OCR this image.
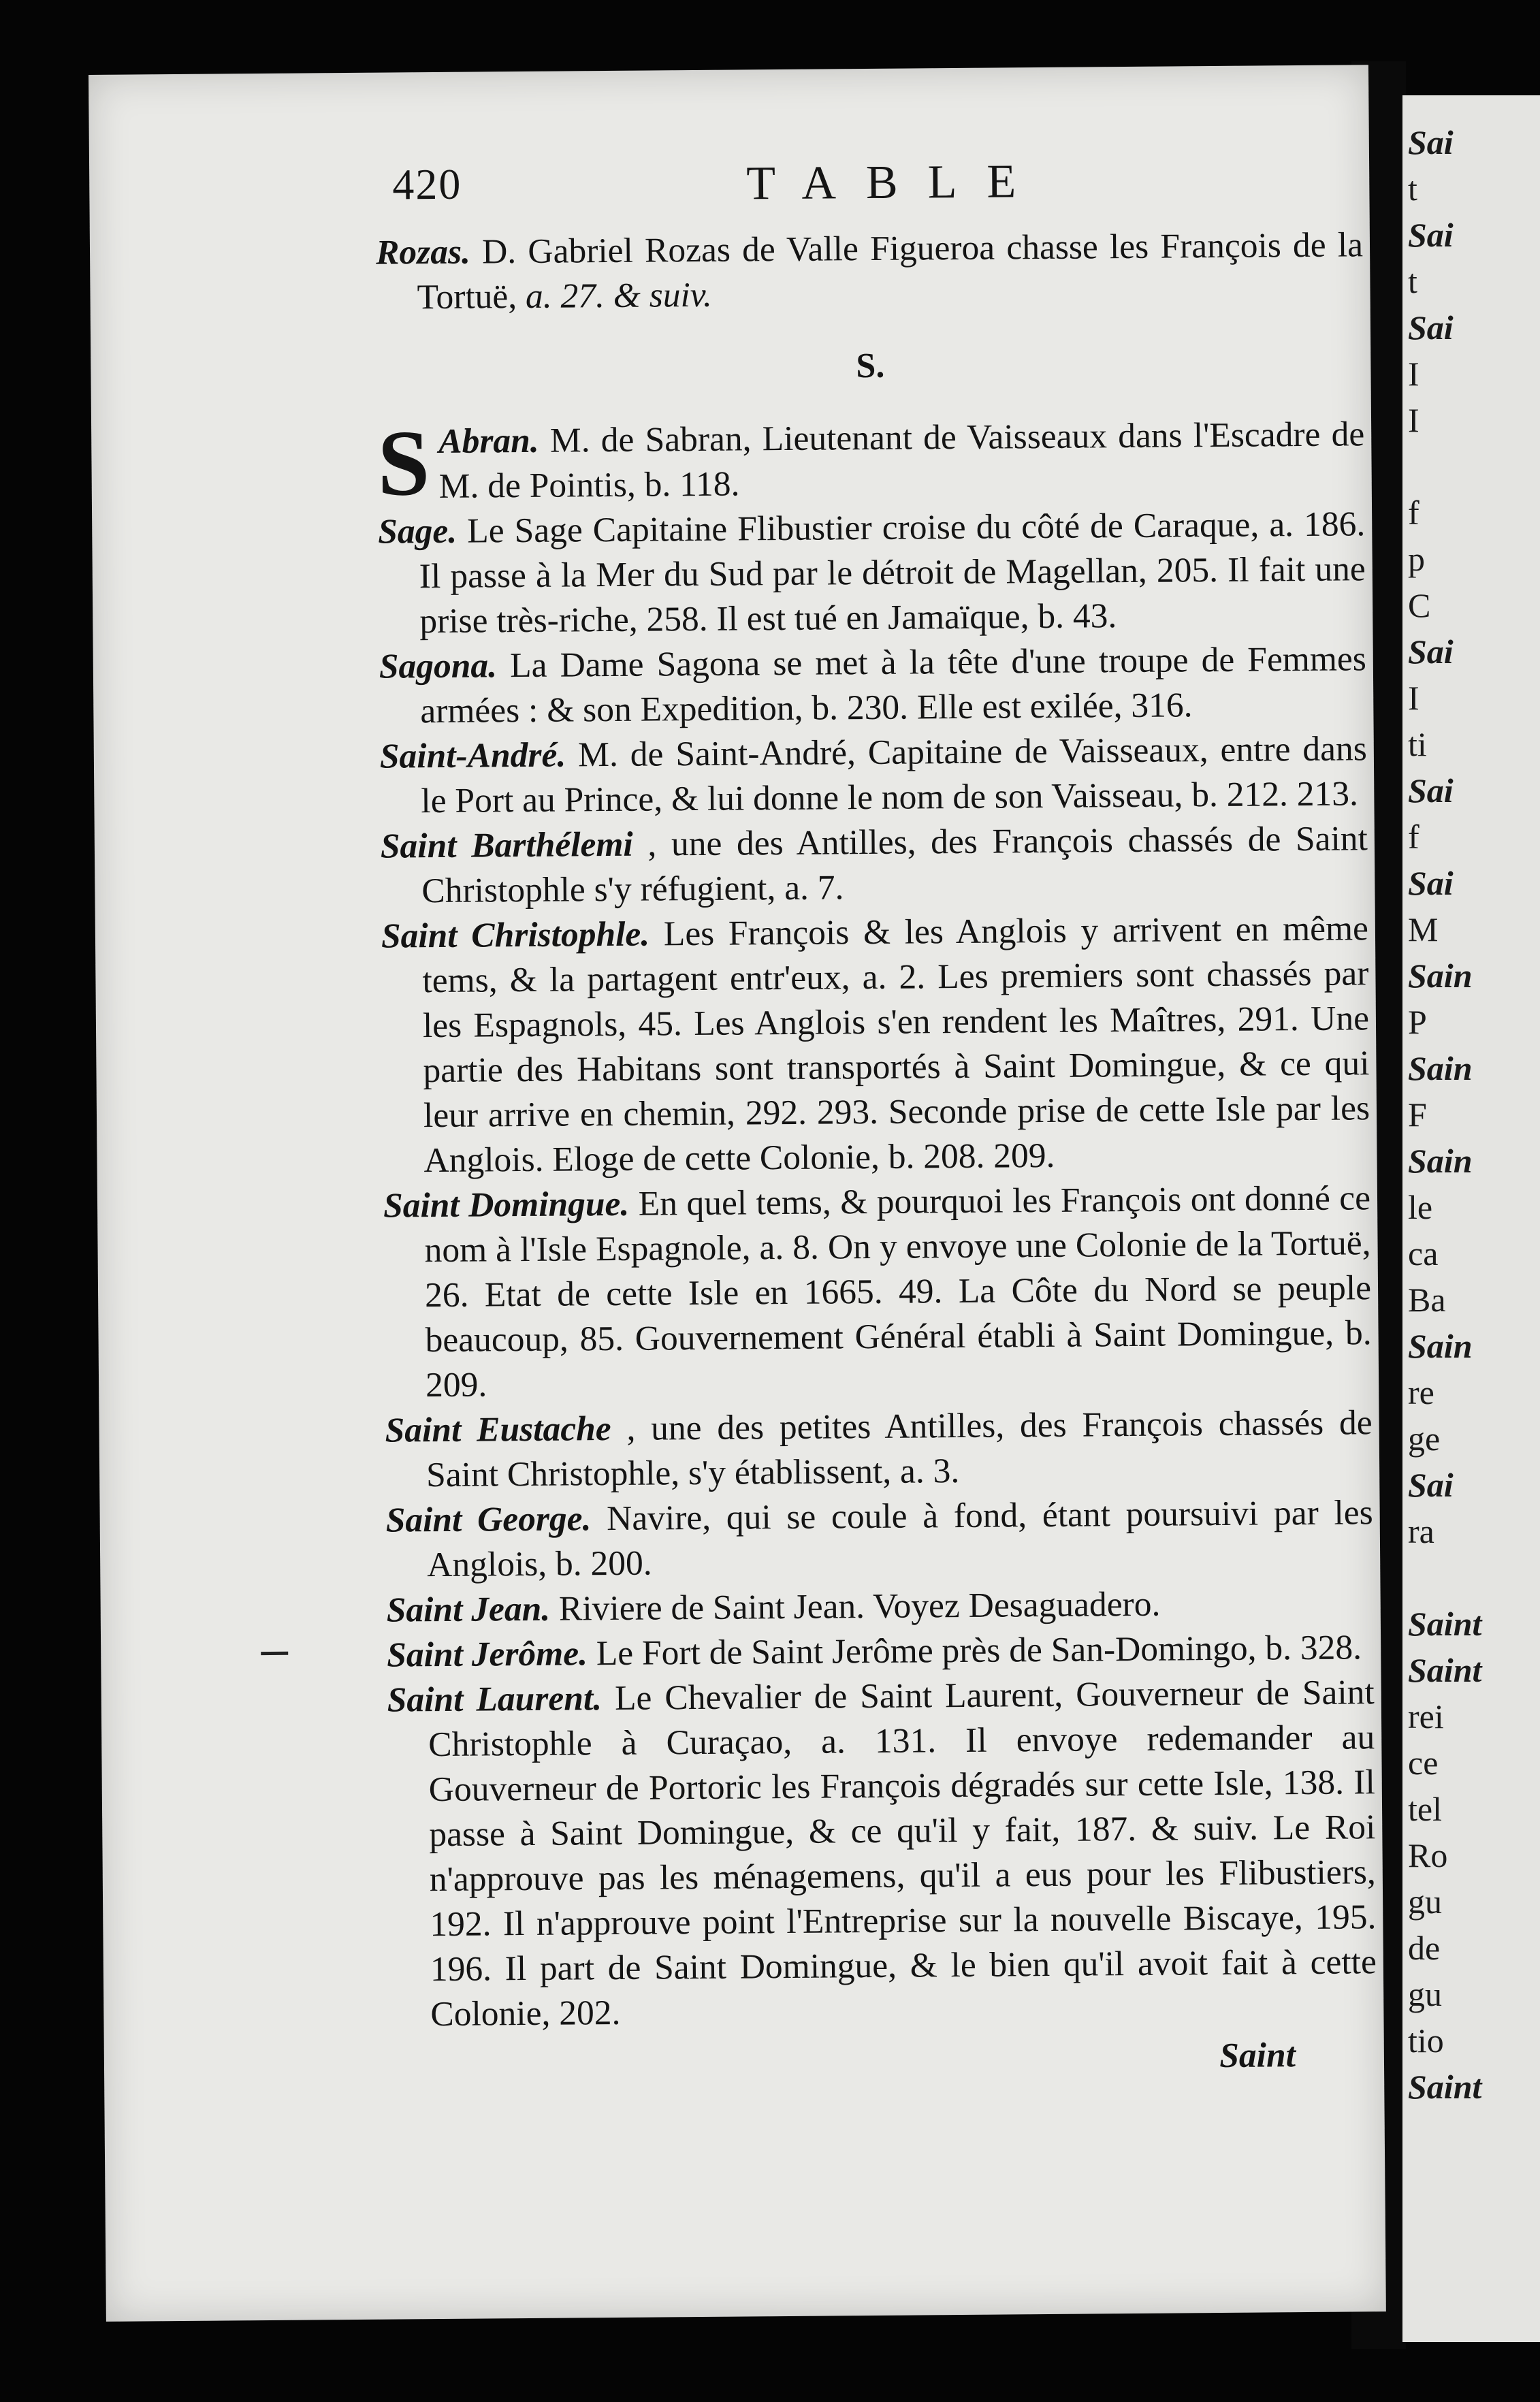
Sai
t
Sai
t
Sai
I
I
f
p
C
Sai
I
ti
Sai
f
Sai
M
Sain
P
Sain
F
Sain
le
ca
Ba
Sain
re
ge
Sai
ra
Saint
Saint
rei
ce
tel
Ro
gu
de
gu
tio
Saint
420	TABLE

Rozas. D. Gabriel Rozas de Valle Figueroa chasse les François de la Tortuë, a. 27. & suiv.

S.

S Abran. M. de Sabran, Lieutenant de Vaisseaux dans l'Escadre de M. de Pointis, b. 118.

Sage. Le Sage Capitaine Flibustier croise du côté de Caraque, a. 186. Il passe à la Mer du Sud par le détroit de Magellan, 205. Il fait une prise très-riche, 258. Il est tué en Jamaïque, b. 43.

Sagona. La Dame Sagona se met à la tête d'une troupe de Femmes armées : & son Expedition, b. 230. Elle est exilée, 316.

Saint-André. M. de Saint-André, Capitaine de Vaisseaux, entre dans le Port au Prince, & lui donne le nom de son Vaisseau, b. 212. 213.

Saint Barthélemi , une des Antilles, des François chassés de Saint Christophle s'y réfugient, a. 7.

Saint Christophle. Les François & les Anglois y arrivent en même tems, & la partagent entr'eux, a. 2. Les premiers sont chassés par les Espagnols, 45. Les Anglois s'en rendent les Maîtres, 291. Une partie des Habitans sont transportés à Saint Domingue, & ce qui leur arrive en chemin, 292. 293. Seconde prise de cette Isle par les Anglois. Eloge de cette Colonie, b. 208. 209.

Saint Domingue. En quel tems, & pourquoi les François ont donné ce nom à l'Isle Espagnole, a. 8. On y envoye une Colonie de la Tortuë, 26. Etat de cette Isle en 1665. 49. La Côte du Nord se peuple beaucoup, 85. Gouvernement Général établi à Saint Domingue, b. 209.

Saint Eustache , une des petites Antilles, des François chassés de Saint Christophle, s'y établissent, a. 3.

Saint George. Navire, qui se coule à fond, étant poursuivi par les Anglois, b. 200.

Saint Jean. Riviere de Saint Jean. Voyez Desaguadero.

Saint Jerôme. Le Fort de Saint Jerôme près de San-Domingo, b. 328.

Saint Laurent. Le Chevalier de Saint Laurent, Gouverneur de Saint Christophle à Curaçao, a. 131. Il envoye redemander au Gouverneur de Portoric les François dégradés sur cette Isle, 138. Il passe à Saint Domingue, & ce qu'il y fait, 187. & suiv. Le Roi n'approuve pas les ménagemens, qu'il a eus pour les Flibustiers, 192. Il n'approuve point l'Entreprise sur la nouvelle Biscaye, 195. 196. Il part de Saint Domingue, & le bien qu'il avoit fait à cette Colonie, 202.

Saint
